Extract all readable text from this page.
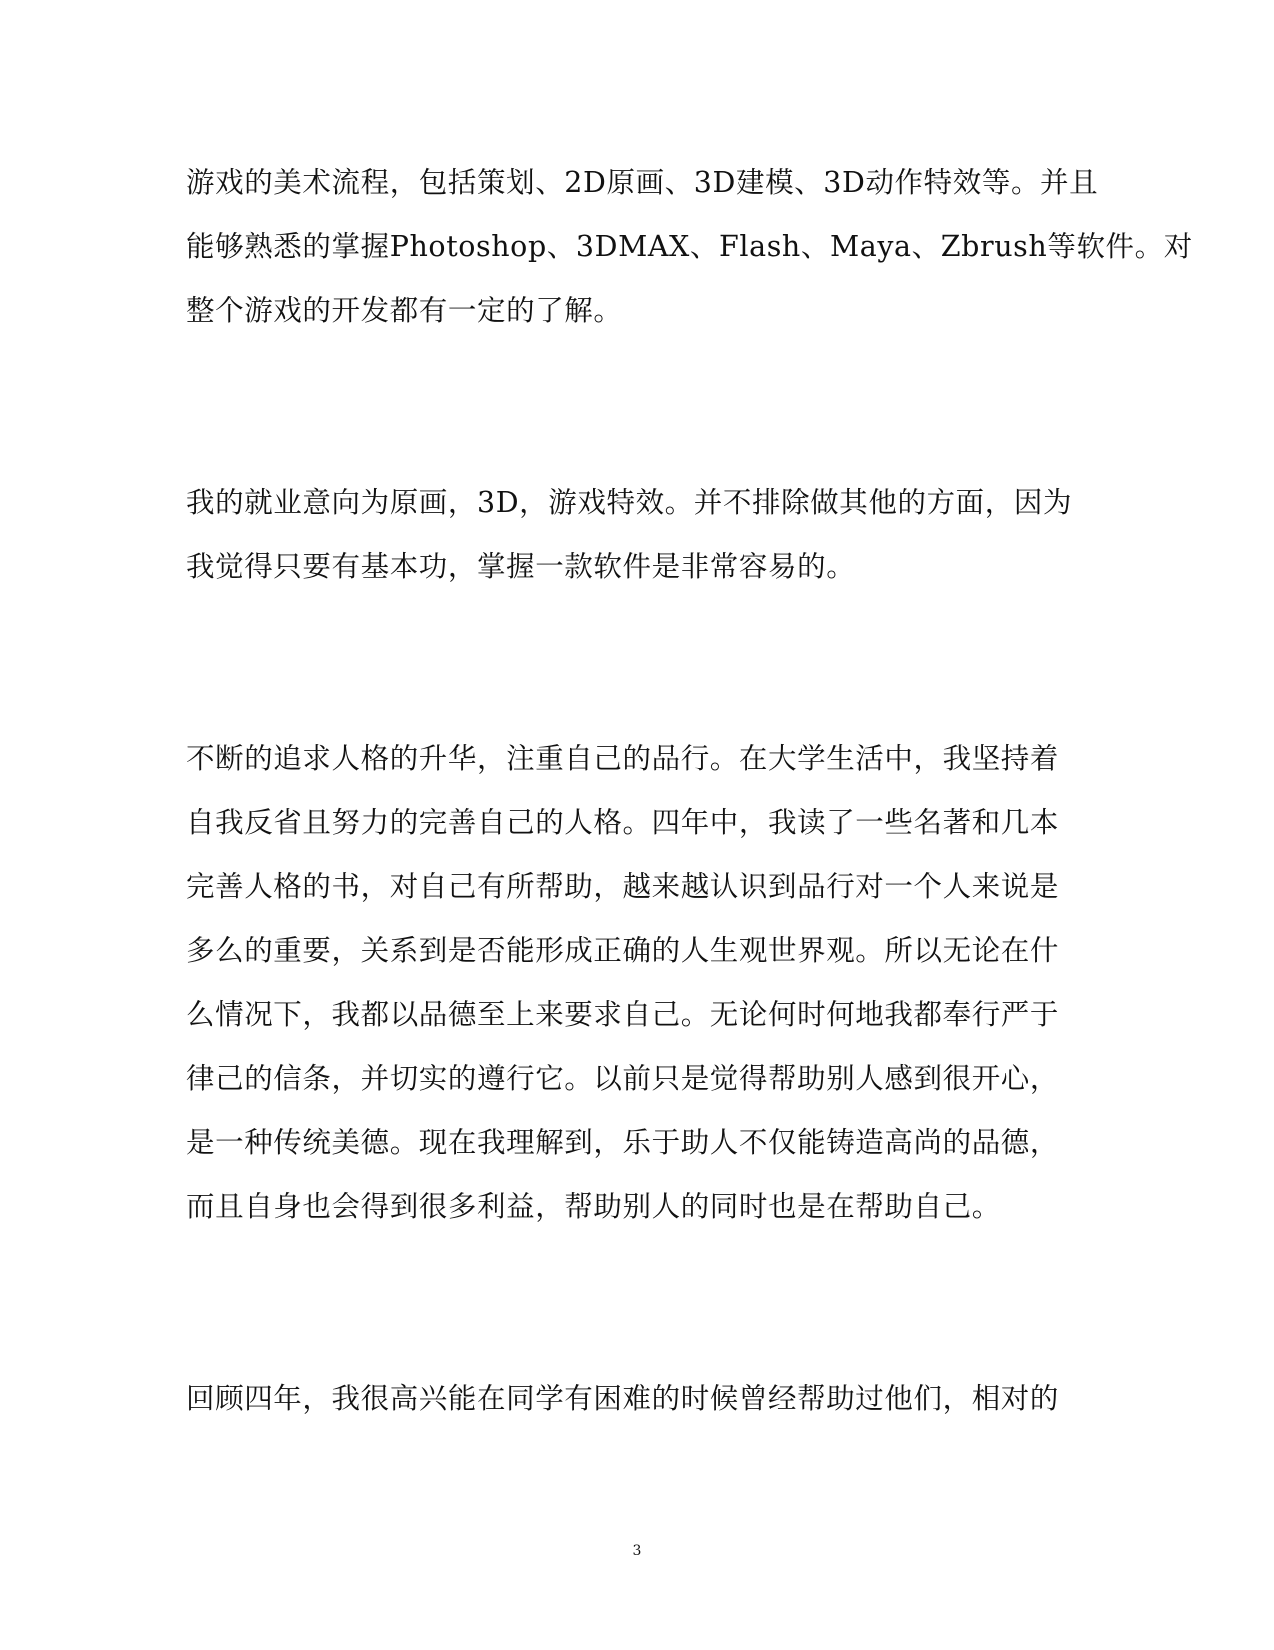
游戏的美术流程，包括策划、2D原画、3D建模、3D动作特效等。并且
能够熟悉的掌握Photoshop、3DMAX、Flash、Maya、Zbrush等软件。对
整个游戏的开发都有一定的了解。
我的就业意向为原画，3D，游戏特效。并不排除做其他的方面，因为
我觉得只要有基本功，掌握一款软件是非常容易的。
不断的追求人格的升华，注重自己的品行。在大学生活中，我坚持着
自我反省且努力的完善自己的人格。四年中，我读了一些名著和几本
完善人格的书，对自己有所帮助，越来越认识到品行对一个人来说是
多么的重要，关系到是否能形成正确的人生观世界观。所以无论在什
么情况下，我都以品德至上来要求自己。无论何时何地我都奉行严于
律己的信条，并切实的遵行它。以前只是觉得帮助别人感到很开心，
是一种传统美德。现在我理解到，乐于助人不仅能铸造高尚的品德，
而且自身也会得到很多利益，帮助别人的同时也是在帮助自己。
回顾四年，我很高兴能在同学有困难的时候曾经帮助过他们，相对的
3
